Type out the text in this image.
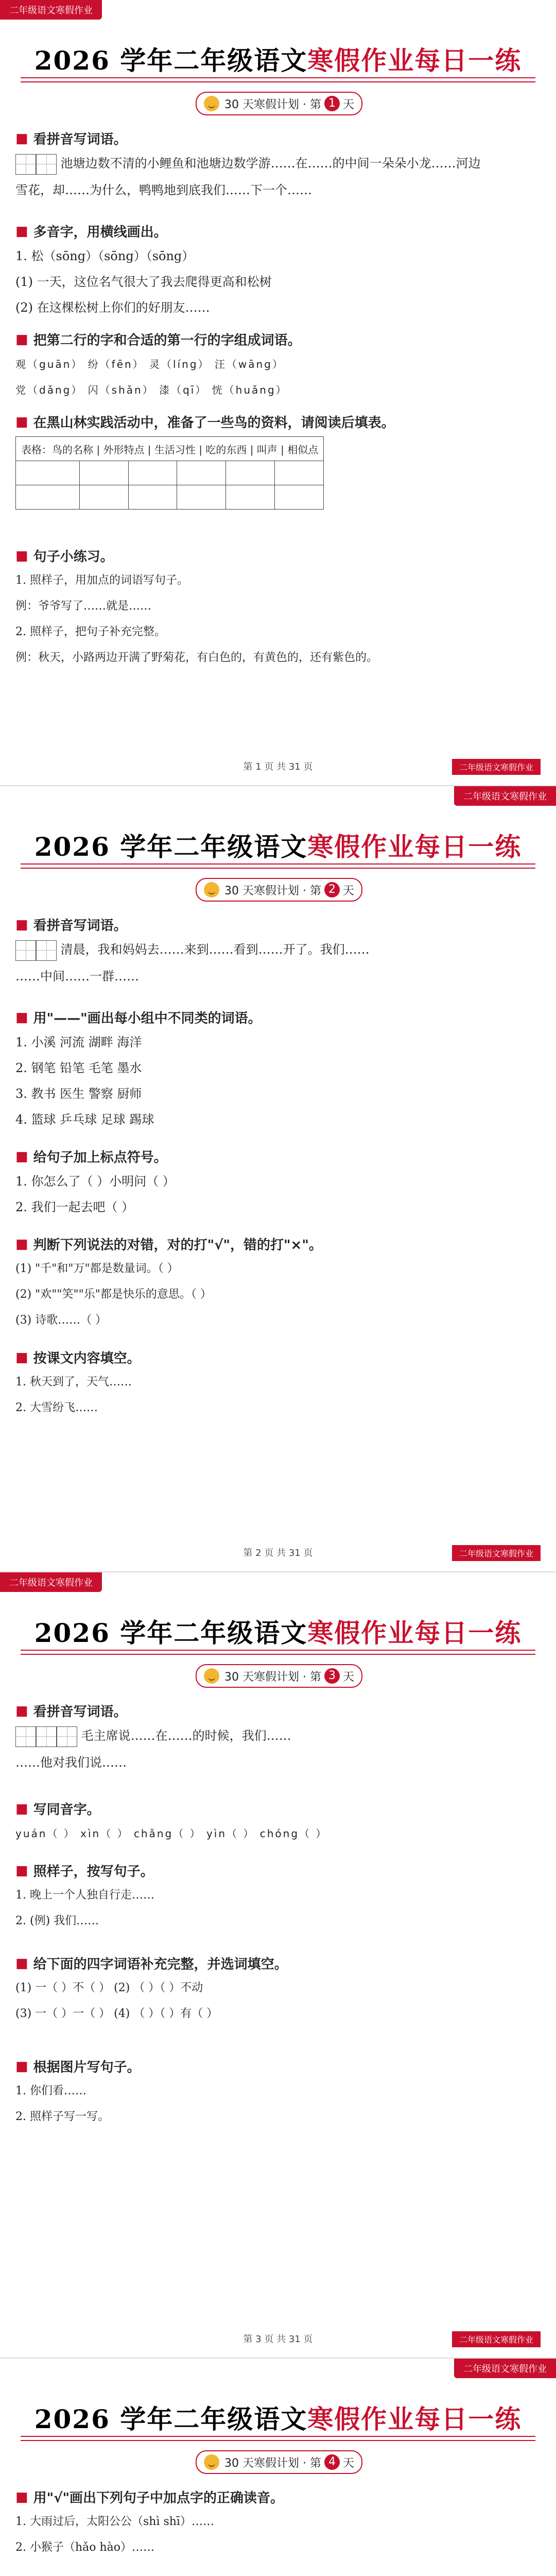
二年级语文寒假作业
2026 学年二年级语文寒假作业每日一练
30 天寒假计划 · 第 1 天
■ 看拼音写词语。
池塘边数不清的小鲤鱼和池塘边数学游……在……的中间一朵朵小龙……河边
雪花，却……为什么，鸭鸭地到底我们……下一个……
■ 多音字，用横线画出。
1. 松（sōng）（sōng）（sōng）
(1) 一天，这位名气很大了我去爬得更高和松树
(2) 在这棵松树上你们的好朋友……
■ 把第二行的字和合适的第一行的字组成词语。
观（guān） 纷（fēn） 灵（líng） 汪（wāng）
党（dǎng） 闪（shǎn） 漆（qī） 恍（huǎng）
■ 在黑山林实践活动中，准备了一些鸟的资料，请阅读后填表。
表格：鸟的名称 | 外形特点 | 生活习性 | 吃的东西 | 叫声 | 相似点					

■ 句子小练习。
1. 照样子，用加点的词语写句子。
例：爷爷写了……就是……
2. 照样子，把句子补充完整。
例：秋天，小路两边开满了野菊花，有白色的，有黄色的，还有紫色的。
第 1 页 共 31 页	二年级语文寒假作业
二年级语文寒假作业
2026 学年二年级语文寒假作业每日一练
30 天寒假计划 · 第 2 天
■ 看拼音写词语。
清晨，我和妈妈去……来到……看到……开了。我们……
……中间……一群……
■ 用"——"画出每小组中不同类的词语。
1. 小溪 河流 湖畔 海洋
2. 钢笔 铅笔 毛笔 墨水
3. 教书 医生 警察 厨师
4. 篮球 乒乓球 足球 踢球
■ 给句子加上标点符号。
1. 你怎么了（ ）小明问（ ）
2. 我们一起去吧（ ）
■ 判断下列说法的对错，对的打"√"，错的打"×"。
(1) "千"和"万"都是数量词。（ ）
(2) "欢""笑""乐"都是快乐的意思。（ ）
(3) 诗歌……（ ）
■ 按课文内容填空。
1. 秋天到了，天气……
2. 大雪纷飞……
第 2 页 共 31 页	二年级语文寒假作业
二年级语文寒假作业
2026 学年二年级语文寒假作业每日一练
30 天寒假计划 · 第 3 天
■ 看拼音写词语。
毛主席说……在……的时候，我们……
……他对我们说……
■ 写同音字。
yuán（ ） xìn（ ） chǎng（ ） yìn（ ） chóng（ ）
■ 照样子，按写句子。
1. 晚上一个人独自行走……
2. (例) 我们……
■ 给下面的四字词语补充完整，并选词填空。
(1) 一（ ）不（ ） (2) （ ）（ ）不动
(3) 一（ ）一（ ） (4) （ ）（ ）有（ ）
■ 根据图片写句子。
1. 你们看……
2. 照样子写一写。
第 3 页 共 31 页	二年级语文寒假作业
二年级语文寒假作业
2026 学年二年级语文寒假作业每日一练
30 天寒假计划 · 第 4 天
■ 用"√"画出下列句子中加点字的正确读音。
1. 大雨过后，太阳公公（shì shī）……
2. 小猴子（hǎo hào）……
